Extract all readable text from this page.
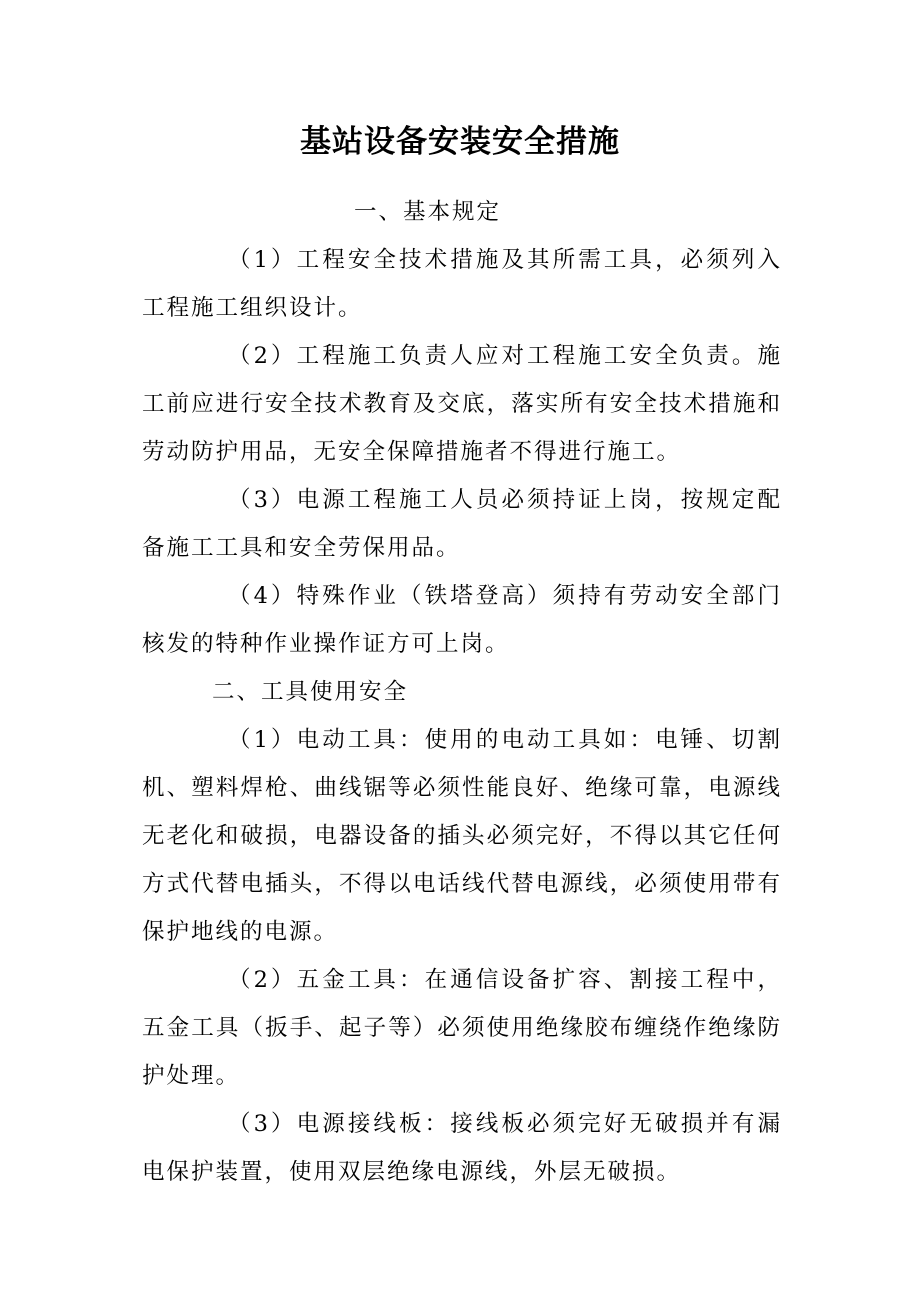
基站设备安装安全措施

一、基本规定

（1）工程安全技术措施及其所需工具，必须列入工程施工组织设计。

（2）工程施工负责人应对工程施工安全负责。施工前应进行安全技术教育及交底，落实所有安全技术措施和劳动防护用品，无安全保障措施者不得进行施工。

（3）电源工程施工人员必须持证上岗，按规定配备施工工具和安全劳保用品。

（4）特殊作业（铁塔登高）须持有劳动安全部门核发的特种作业操作证方可上岗。

二、工具使用安全

（1）电动工具：使用的电动工具如：电锤、切割机、塑料焊枪、曲线锯等必须性能良好、绝缘可靠，电源线无老化和破损，电器设备的插头必须完好，不得以其它任何方式代替电插头，不得以电话线代替电源线，必须使用带有保护地线的电源。

（2）五金工具：在通信设备扩容、割接工程中，五金工具（扳手、起子等）必须使用绝缘胶布缠绕作绝缘防护处理。

（3）电源接线板：接线板必须完好无破损并有漏电保护装置，使用双层绝缘电源线，外层无破损。
